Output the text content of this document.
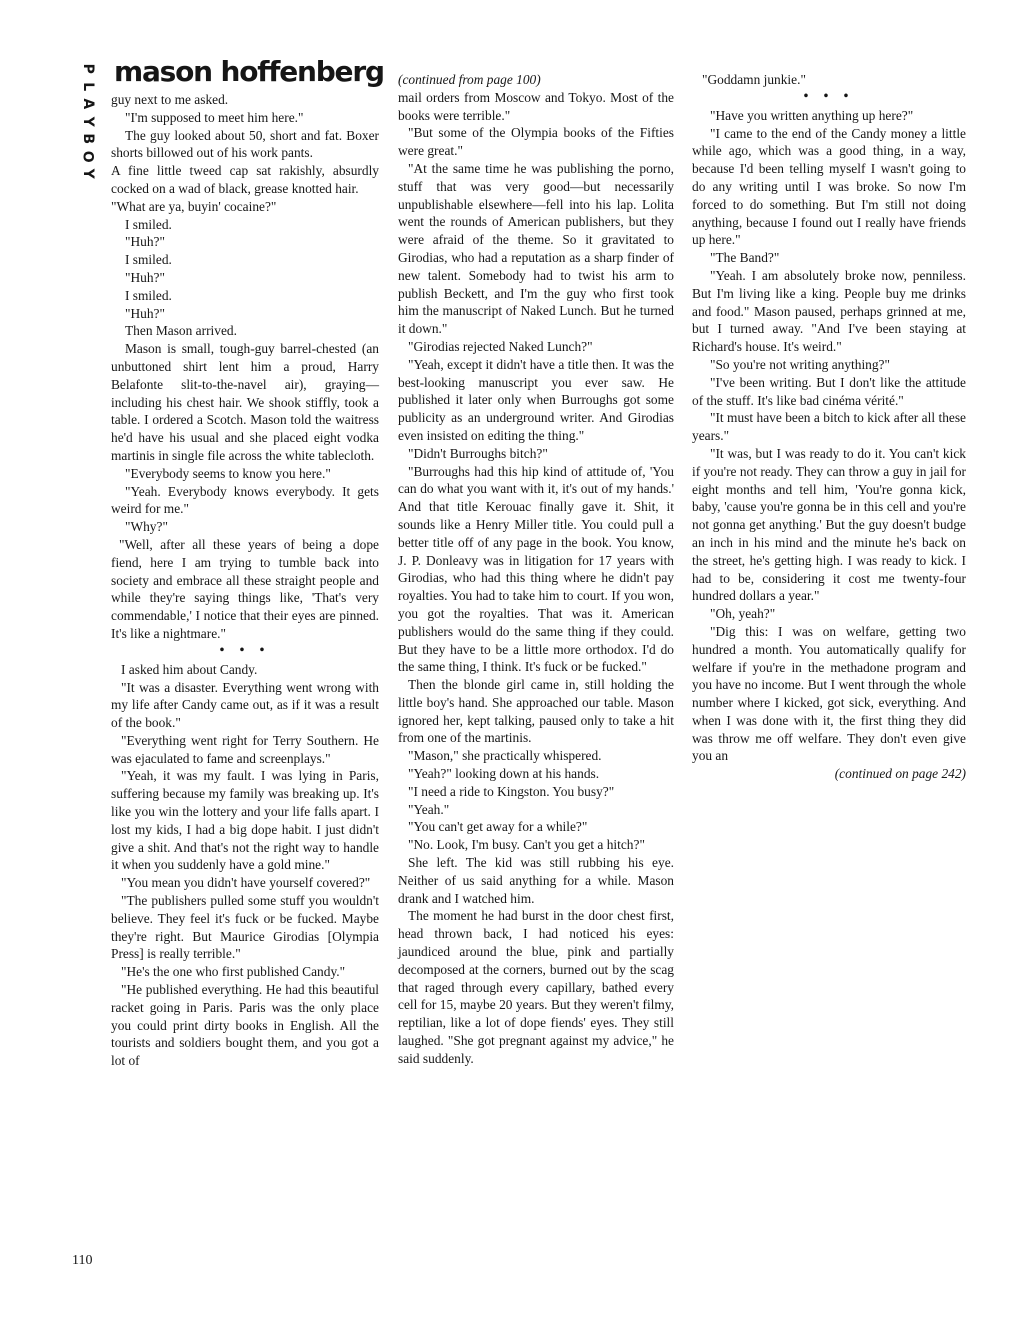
P
L
A
Y
B
O
Y
mason hoffenberg

guy next to me asked.

"I'm supposed to meet him here."

The guy looked about 50, short and fat. Boxer shorts billowed out of his work pants.

A fine little tweed cap sat rakishly, absurdly cocked on a wad of black, grease knotted hair.

"What are ya, buyin' cocaine?"

I smiled.

"Huh?"

I smiled.

"Huh?"

I smiled.

"Huh?"

Then Mason arrived.

Mason is small, tough-guy barrel-chested (an unbuttoned shirt lent him a proud, Harry Belafonte slit-to-the-navel air), graying—including his chest hair. We shook stiffly, took a table. I ordered a Scotch. Mason told the waitress he'd have his usual and she placed eight vodka martinis in single file across the white tablecloth.

"Everybody seems to know you here."

"Yeah. Everybody knows everybody. It gets weird for me."

"Why?"

"Well, after all these years of being a dope fiend, here I am trying to tumble back into society and embrace all these straight people and while they're saying things like, 'That's very commendable,' I notice that their eyes are pinned. It's like a nightmare."

• • •

I asked him about Candy.

"It was a disaster. Everything went wrong with my life after Candy came out, as if it was a result of the book."

"Everything went right for Terry Southern. He was ejaculated to fame and screenplays."

"Yeah, it was my fault. I was lying in Paris, suffering because my family was breaking up. It's like you win the lottery and your life falls apart. I lost my kids, I had a big dope habit. I just didn't give a shit. And that's not the right way to handle it when you suddenly have a gold mine."

"You mean you didn't have yourself covered?"

"The publishers pulled some stuff you wouldn't believe. They feel it's fuck or be fucked. Maybe they're right. But Maurice Girodias [Olympia Press] is really terrible."

"He's the one who first published Candy."

"He published everything. He had this beautiful racket going in Paris. Paris was the only place you could print dirty books in English. All the tourists and soldiers bought them, and you got a lot of

(continued from page 100)

mail orders from Moscow and Tokyo. Most of the books were terrible."

"But some of the Olympia books of the Fifties were great."

"At the same time he was publishing the porno, stuff that was very good—but necessarily unpublishable elsewhere—fell into his lap. Lolita went the rounds of American publishers, but they were afraid of the theme. So it gravitated to Girodias, who had a reputation as a sharp finder of new talent. Somebody had to twist his arm to publish Beckett, and I'm the guy who first took him the manuscript of Naked Lunch. But he turned it down."

"Girodias rejected Naked Lunch?"

"Yeah, except it didn't have a title then. It was the best-looking manuscript you ever saw. He published it later only when Burroughs got some publicity as an underground writer. And Girodias even insisted on editing the thing."

"Didn't Burroughs bitch?"

"Burroughs had this hip kind of attitude of, 'You can do what you want with it, it's out of my hands.' And that title Kerouac finally gave it. Shit, it sounds like a Henry Miller title. You could pull a better title off of any page in the book. You know, J. P. Donleavy was in litigation for 17 years with Girodias, who had this thing where he didn't pay royalties. You had to take him to court. If you won, you got the royalties. That was it. American publishers would do the same thing if they could. But they have to be a little more orthodox. I'd do the same thing, I think. It's fuck or be fucked."

Then the blonde girl came in, still holding the little boy's hand. She approached our table. Mason ignored her, kept talking, paused only to take a hit from one of the martinis.

"Mason," she practically whispered.

"Yeah?" looking down at his hands.

"I need a ride to Kingston. You busy?"

"Yeah."

"You can't get away for a while?"

"No. Look, I'm busy. Can't you get a hitch?"

She left. The kid was still rubbing his eye. Neither of us said anything for a while. Mason drank and I watched him.

The moment he had burst in the door chest first, head thrown back, I had noticed his eyes: jaundiced around the blue, pink and partially decomposed at the corners, burned out by the scag that raged through every capillary, bathed every cell for 15, maybe 20 years. But they weren't filmy, reptilian, like a lot of dope fiends' eyes. They still laughed. "She got pregnant against my advice," he said suddenly.

"Goddamn junkie."

• • •

"Have you written anything up here?"

"I came to the end of the Candy money a little while ago, which was a good thing, in a way, because I'd been telling myself I wasn't going to do any writing until I was broke. So now I'm forced to do something. But I'm still not doing anything, because I found out I really have friends up here."

"The Band?"

"Yeah. I am absolutely broke now, penniless. But I'm living like a king. People buy me drinks and food." Mason paused, perhaps grinned at me, but I turned away. "And I've been staying at Richard's house. It's weird."

"So you're not writing anything?"

"I've been writing. But I don't like the attitude of the stuff. It's like bad cinéma vérité."

"It must have been a bitch to kick after all these years."

"It was, but I was ready to do it. You can't kick if you're not ready. They can throw a guy in jail for eight months and tell him, 'You're gonna kick, baby, 'cause you're gonna be in this cell and you're not gonna get anything.' But the guy doesn't budge an inch in his mind and the minute he's back on the street, he's getting high. I was ready to kick. I had to be, considering it cost me twenty-four hundred dollars a year."

"Oh, yeah?"

"Dig this: I was on welfare, getting two hundred a month. You automatically qualify for welfare if you're in the methadone program and you have no income. But I went through the whole number where I kicked, got sick, everything. And when I was done with it, the first thing they did was throw me off welfare. They don't even give you an

(continued on page 242)

110
